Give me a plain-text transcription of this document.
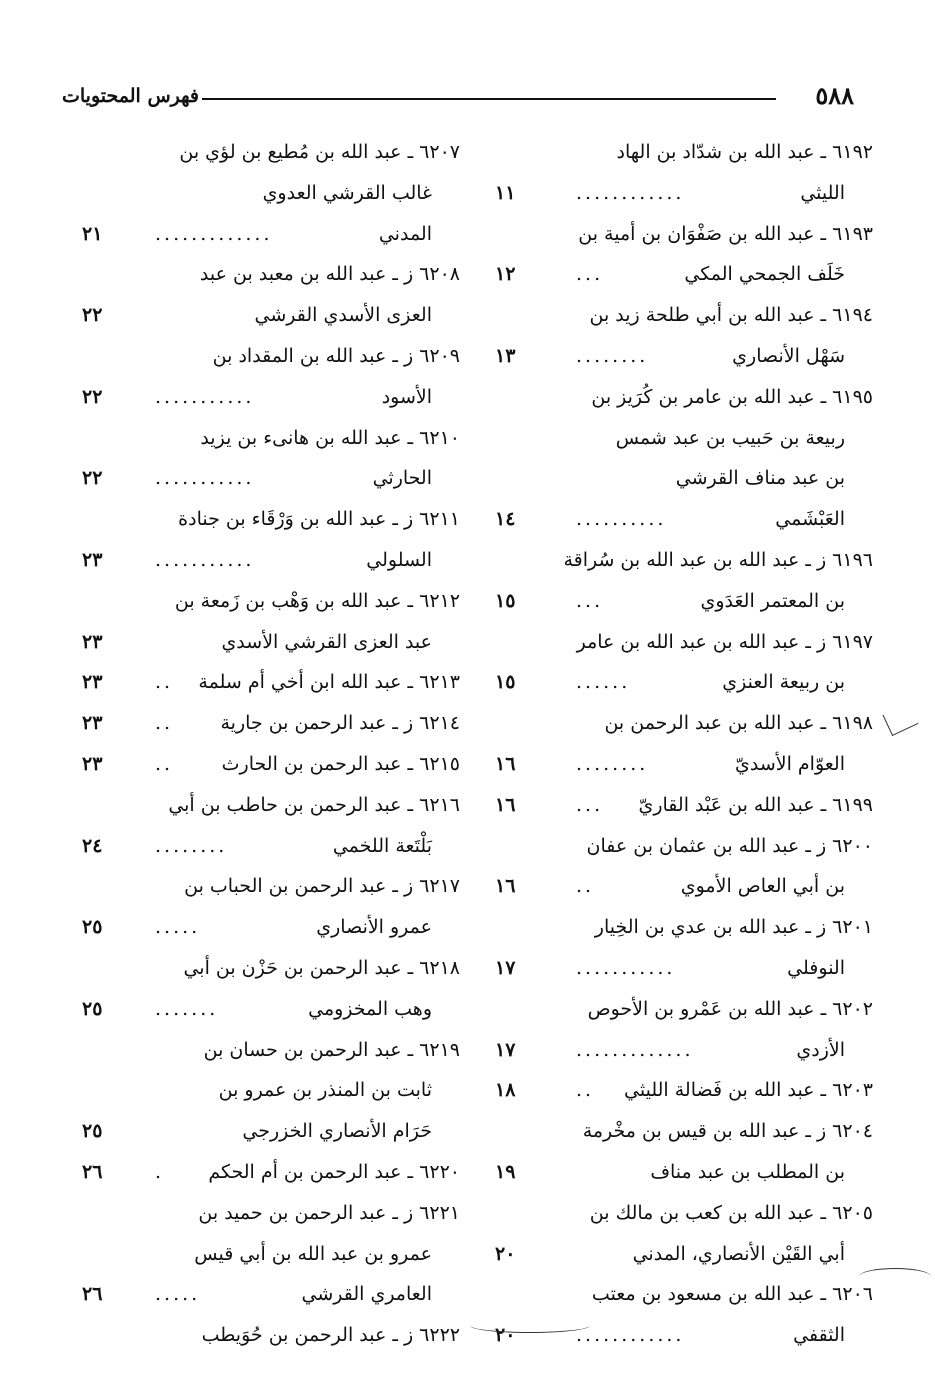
٥٨٨
فهرس المحتويات
٦١٩٢ ـ عبد الله بن شدّاد بن الهاد
الليثي
............
١١
٦١٩٣ ـ عبد الله بن صَفْوَان بن أمية بن
خَلَف الجمحي المكي
...
١٢
٦١٩٤ ـ عبد الله بن أبي طلحة زيد بن
سَهْل الأنصاري
........
١٣
٦١٩٥ ـ عبد الله بن عامر بن كُرَيز بن
ربيعة بن حَبيب بن عبد شمس
بن عبد مناف القرشي
العَبْشَمي
..........
١٤
٦١٩٦ ز ـ عبد الله بن عبد الله بن سُراقة
بن المعتمر العَدَوي
...
١٥
٦١٩٧ ز ـ عبد الله بن عبد الله بن عامر
بن ربيعة العنزي
......
١٥
٦١٩٨ ـ عبد الله بن عبد الرحمن بن
العوّام الأسديّ
........
١٦
٦١٩٩ ـ عبد الله بن عَبْد القاريّ
...
١٦
٦٢٠٠ ز ـ عبد الله بن عثمان بن عفان
بن أبي العاص الأموي
..
١٦
٦٢٠١ ز ـ عبد الله بن عدي بن الخِيار
النوفلي
...........
١٧
٦٢٠٢ ـ عبد الله بن عَمْرو بن الأحوص
الأزدي
.............
١٧
٦٢٠٣ ـ عبد الله بن فَضالة الليثي
..
١٨
٦٢٠٤ ز ـ عبد الله بن قيس بن مخْرمة
بن المطلب بن عبد مناف
١٩
٦٢٠٥ ـ عبد الله بن كعب بن مالك بن
أبي القَيْن الأنصاري، المدني
٢٠
٦٢٠٦ ـ عبد الله بن مسعود بن معتب
الثقفي
............
٢٠
٦٢٠٧ ـ عبد الله بن مُطيع بن لؤي بن
غالب القرشي العدوي
المدني
.............
٢١
٦٢٠٨ ز ـ عبد الله بن معبد بن عبد
العزى الأسدي القرشي
٢٢
٦٢٠٩ ز ـ عبد الله بن المقداد بن
الأسود
...........
٢٢
٦٢١٠ ـ عبد الله بن هانىء بن يزيد
الحارثي
...........
٢٢
٦٢١١ ز ـ عبد الله بن وَرْقَاء بن جنادة
السلولي
...........
٢٣
٦٢١٢ ـ عبد الله بن وَهْب بن زَمعة بن
عبد العزى القرشي الأسدي
٢٣
٦٢١٣ ـ عبد الله ابن أخي أم سلمة
..
٢٣
٦٢١٤ ز ـ عبد الرحمن بن جارية
..
٢٣
٦٢١٥ ـ عبد الرحمن بن الحارث
..
٢٣
٦٢١٦ ـ عبد الرحمن بن حاطب بن أبي
بَلْتَعة اللخمي
........
٢٤
٦٢١٧ ز ـ عبد الرحمن بن الحباب بن
عمرو الأنصاري
.....
٢٥
٦٢١٨ ـ عبد الرحمن بن حَزْن بن أبي
وهب المخزومي
.......
٢٥
٦٢١٩ ـ عبد الرحمن بن حسان بن
ثابت بن المنذر بن عمرو بن
حَرَام الأنصاري الخزرجي
٢٥
٦٢٢٠ ـ عبد الرحمن بن أم الحكم
.
٢٦
٦٢٢١ ز ـ عبد الرحمن بن حميد بن
عمرو بن عبد الله بن أبي قيس
العامري القرشي
.....
٢٦
٦٢٢٢ ز ـ عبد الرحمن بن حُوَيطب
